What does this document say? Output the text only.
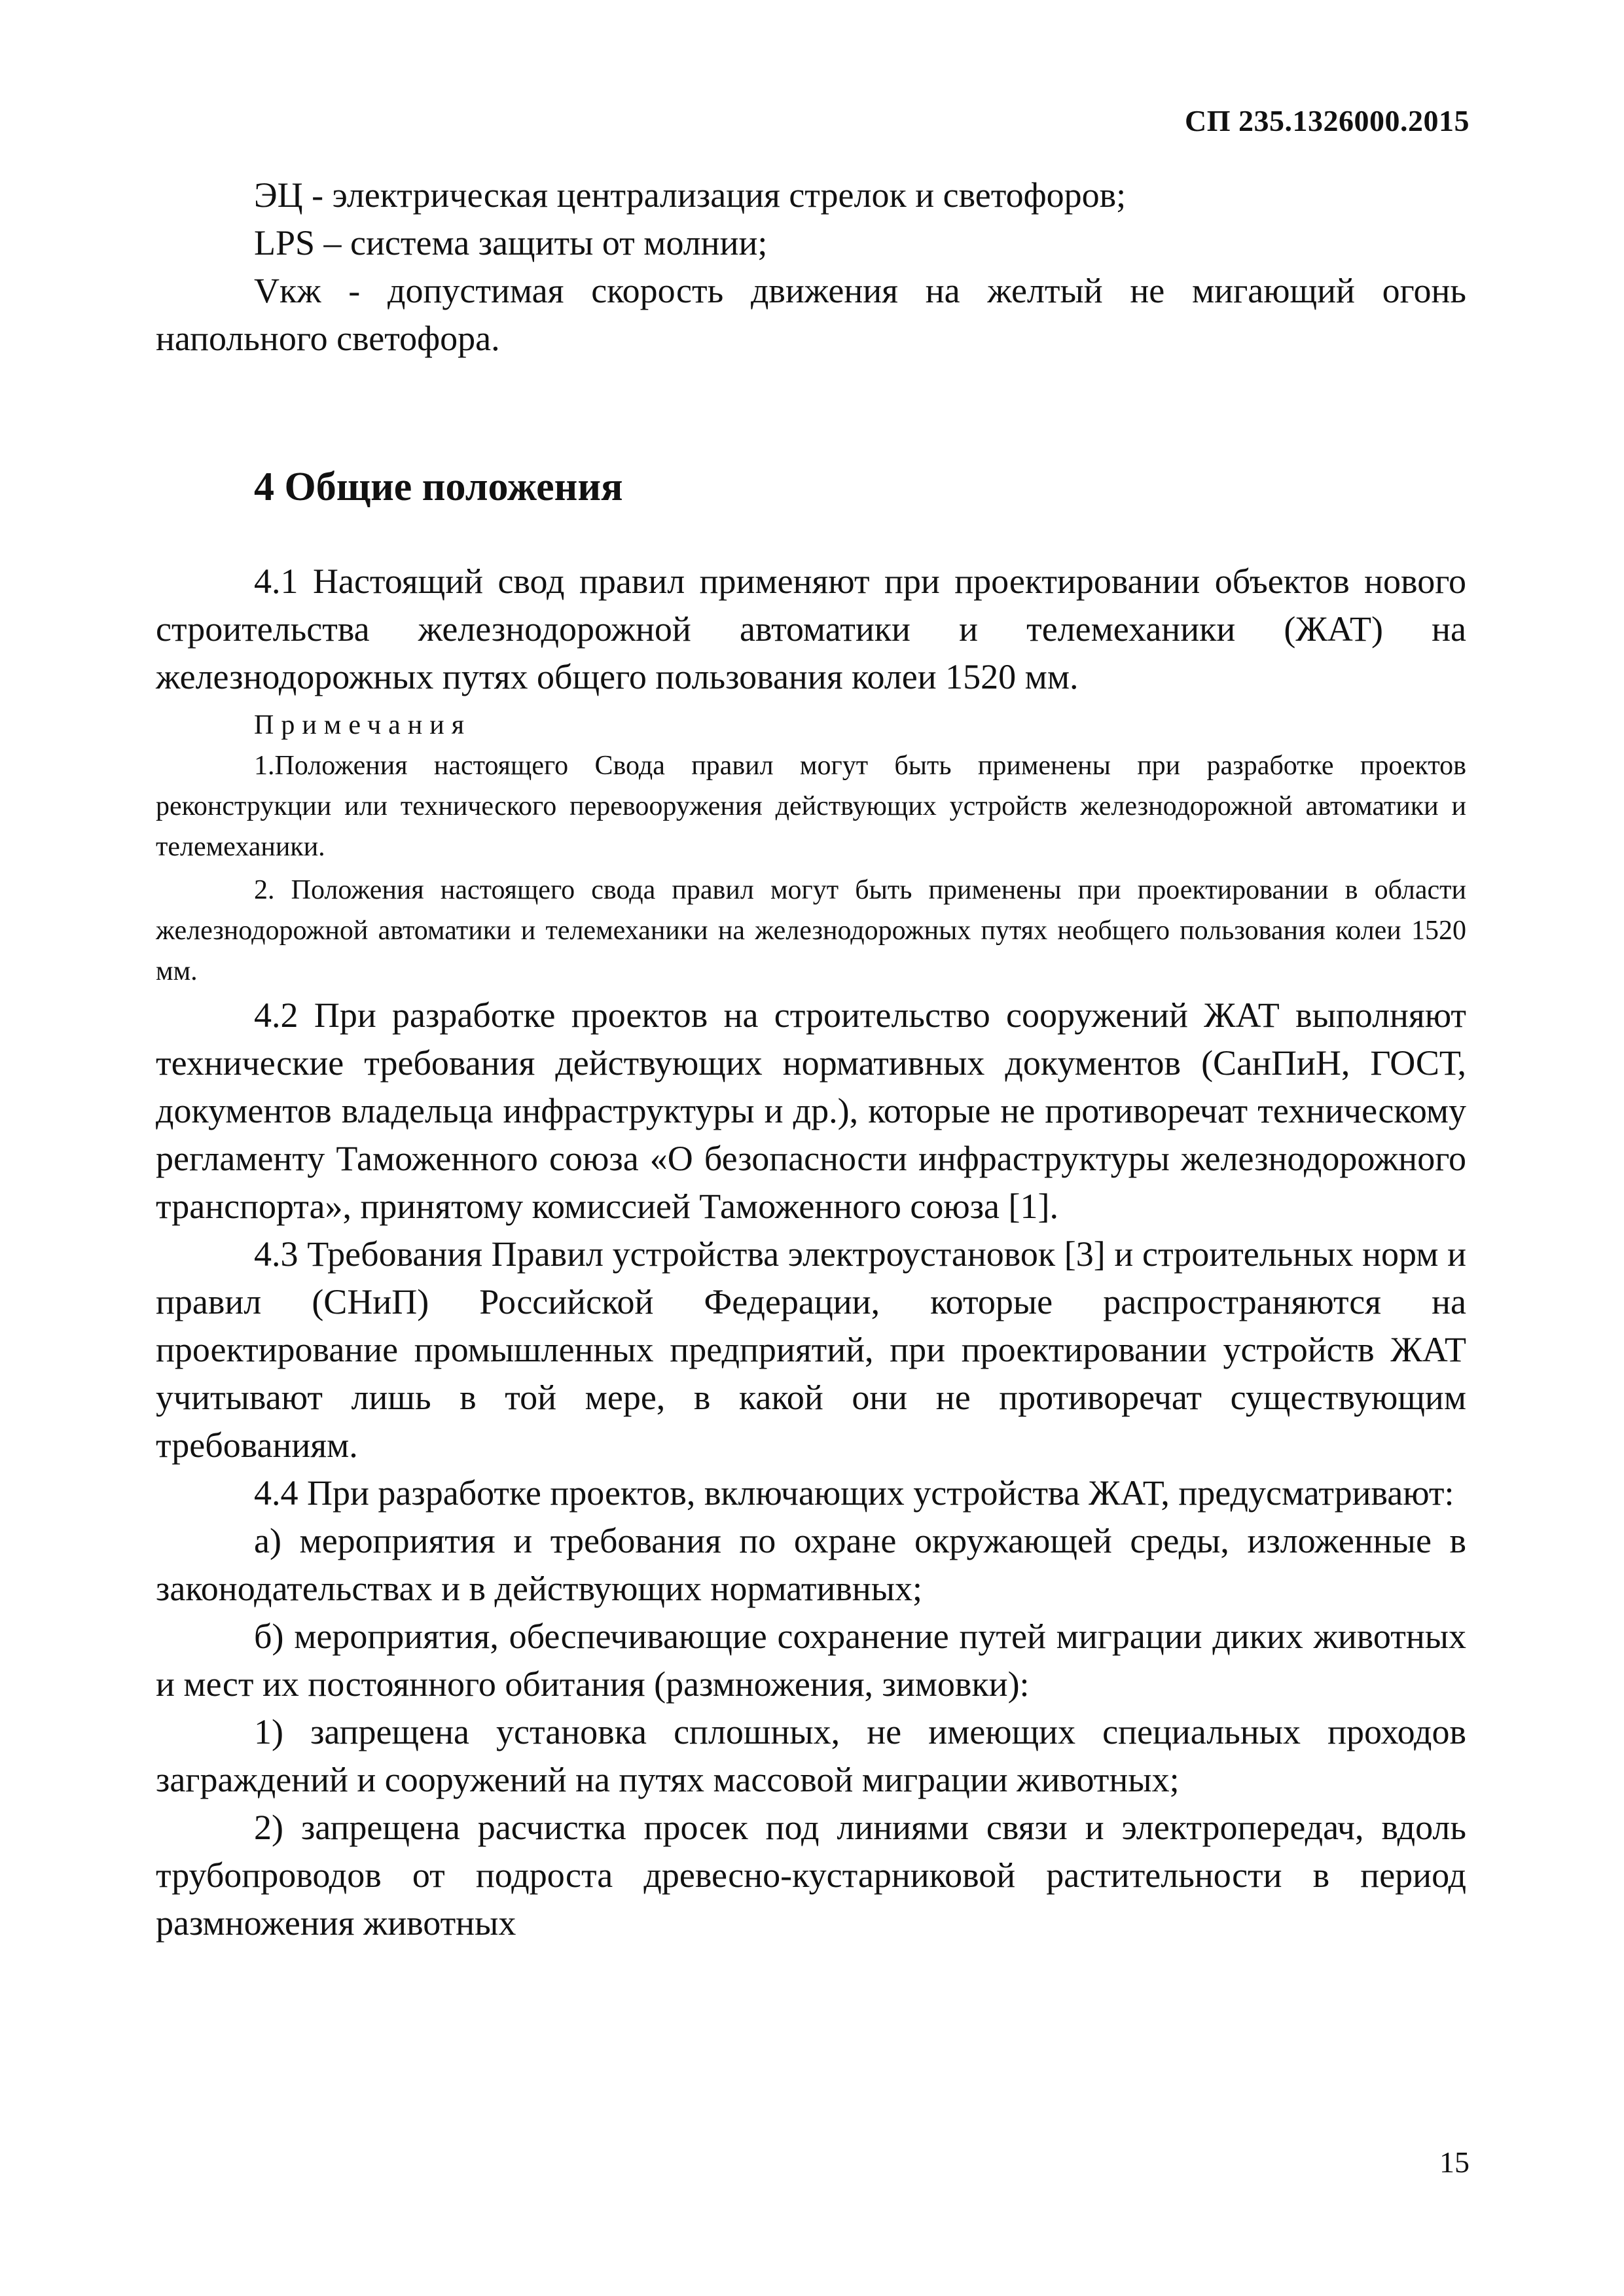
СП 235.1326000.2015

ЭЦ - электрическая централизация стрелок и светофоров;

LPS – система защиты от молнии;

Vкж - допустимая скорость движения на желтый не мигающий огонь напольного светофора.

4 Общие положения

4.1 Настоящий свод правил применяют при проектировании объектов нового строительства железнодорожной автоматики и телемеханики (ЖАТ) на железнодорожных путях общего пользования колеи 1520 мм.

Примечания

1.Положения настоящего Свода правил могут быть применены при разработке проектов реконструкции или технического перевооружения действующих устройств железнодорожной автоматики и телемеханики.

2. Положения настоящего свода правил могут быть применены при проектировании в области железнодорожной автоматики и телемеханики на железнодорожных путях необщего пользования колеи 1520 мм.

4.2 При разработке проектов на строительство сооружений ЖАТ выполняют технические требования действующих нормативных документов (СанПиН, ГОСТ, документов владельца инфраструктуры и др.), которые не противоречат техническому регламенту Таможенного союза «О безопасности инфраструктуры железнодорожного транспорта», принятому комиссией Таможенного союза [1].

4.3 Требования Правил устройства электроустановок [3] и строительных норм и правил (СНиП) Российской Федерации, которые распространяются на проектирование промышленных предприятий, при проектировании устройств ЖАТ учитывают лишь в той мере, в какой они не противоречат существующим требованиям.

4.4 При разработке проектов, включающих устройства ЖАТ, предусматривают:

а) мероприятия и требования по охране окружающей среды, изложенные в законодательствах и в действующих нормативных;

б) мероприятия, обеспечивающие сохранение путей миграции диких животных и мест их постоянного обитания (размножения, зимовки):

1) запрещена установка сплошных, не имеющих специальных проходов заграждений и сооружений на путях массовой миграции животных;

2) запрещена расчистка просек под линиями связи и электропередач, вдоль трубопроводов от подроста древесно-кустарниковой растительности в период размножения животных

15
